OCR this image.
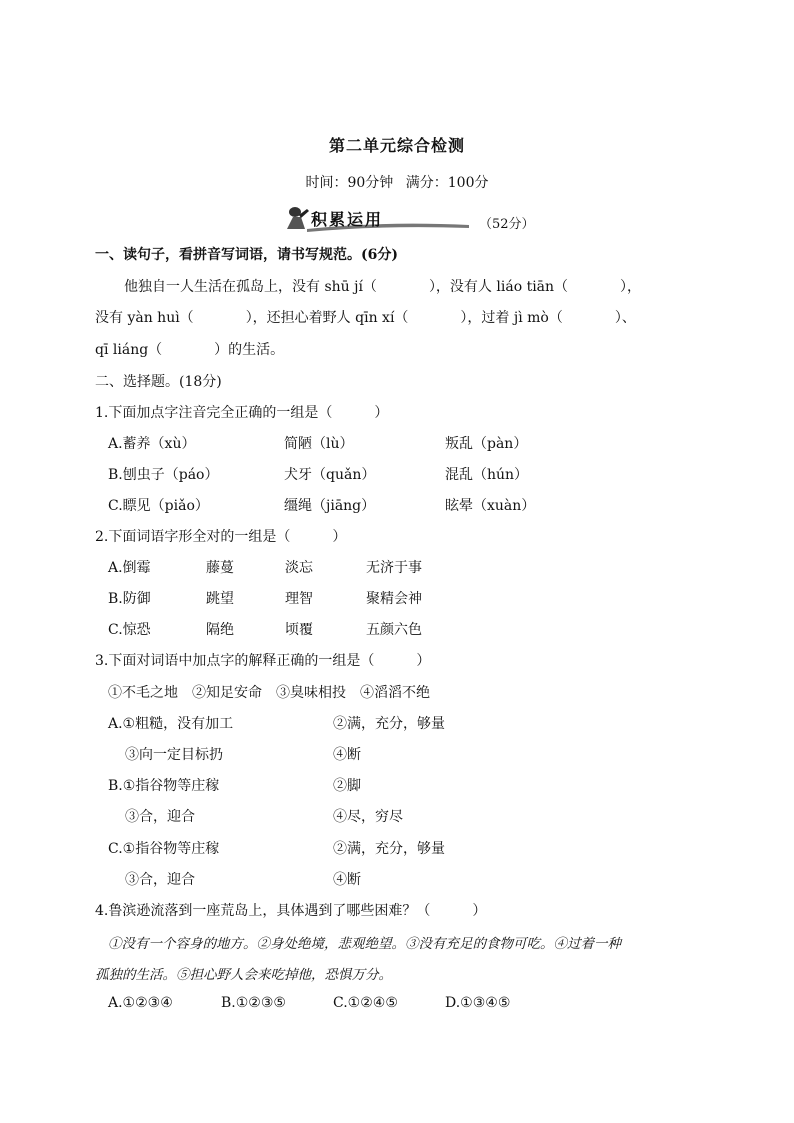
第二单元综合检测
时间：90分钟 满分：100分
积累运用	（52分）
一、读句子，看拼音写词语，请书写规范。(6分)
他独自一人生活在孤岛上，没有 shū jí（	），没有人 liáo tiān（	），
没有 yàn huì（	），还担心着野人 qīn xí（	），过着 jì mò（	）、
qī liáng（	）的生活。
二、选择题。(18分)
1.下面加点字注音完全正确的一组是（　　　）
A.蓄养（xù）	简陋（lù）	叛乱（pàn）
B.刨虫子（páo）	犬牙（quǎn）	混乱（hún）
C.瞟见（piǎo）	缰绳（jiāng）	眩晕（xuàn）
2.下面词语字形全对的一组是（　　　）
A.倒霉	藤蔓	淡忘	无济于事
B.防御	跳望	理智	聚精会神
C.惊恐	隔绝	顷覆	五颜六色
3.下面对词语中加点字的解释正确的一组是（　　　）
①不毛之地　②知足安命　③臭味相投　④滔滔不绝
A.①粗糙，没有加工	②满，充分，够量
③向一定目标扔	④断
B.①指谷物等庄稼	②脚
③合，迎合	④尽，穷尽
C.①指谷物等庄稼	②满，充分，够量
③合，迎合	④断
4.鲁滨逊流落到一座荒岛上，具体遇到了哪些困难？（　　　）
①没有一个容身的地方。②身处绝境，悲观绝望。③没有充足的食物可吃。④过着一种
孤独的生活。⑤担心野人会来吃掉他，恐惧万分。
A.①②③④	B.①②③⑤	C.①②④⑤	D.①③④⑤
